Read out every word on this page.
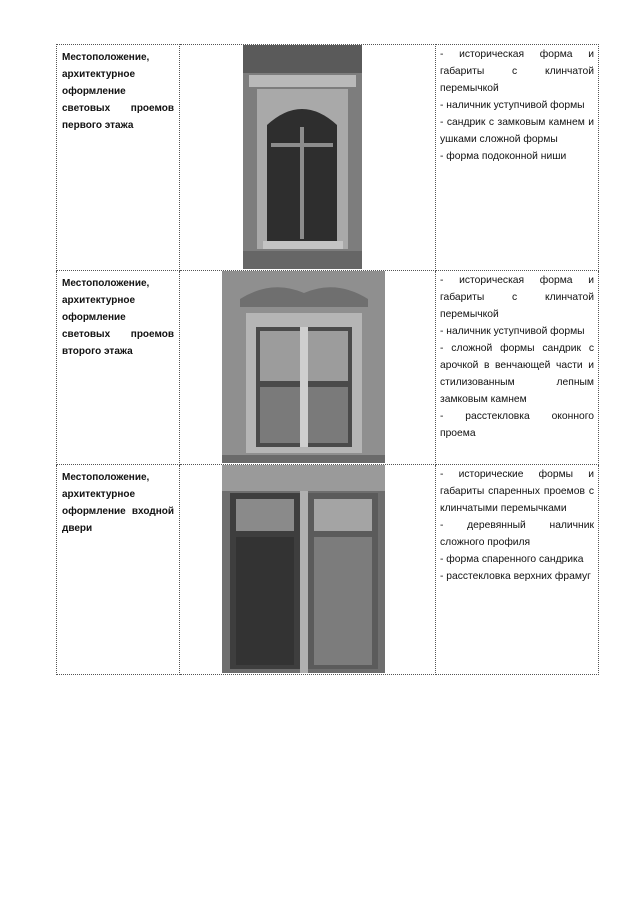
Местоположение, архитектурное оформление световых проемов первого этажа		- историческая форма и габариты с клинчатой перемычкой

- наличник уступчивой формы

- сандрик с замковым камнем и ушками сложной формы

- форма подоконной ниши

Местоположение, архитектурное оформление световых проемов второго этажа		- историческая форма и габариты с клинчатой перемычкой

- наличник уступчивой формы

- сложной формы сандрик с арочкой в венчающей части и стилизованным лепным замковым камнем

- расстекловка оконного проема

Местоположение, архитектурное оформление входной двери		- исторические формы и габариты спаренных проемов с клинчатыми перемычками

- деревянный наличник сложного профиля

- форма спаренного сандрика

- расстекловка верхних фрамуг
